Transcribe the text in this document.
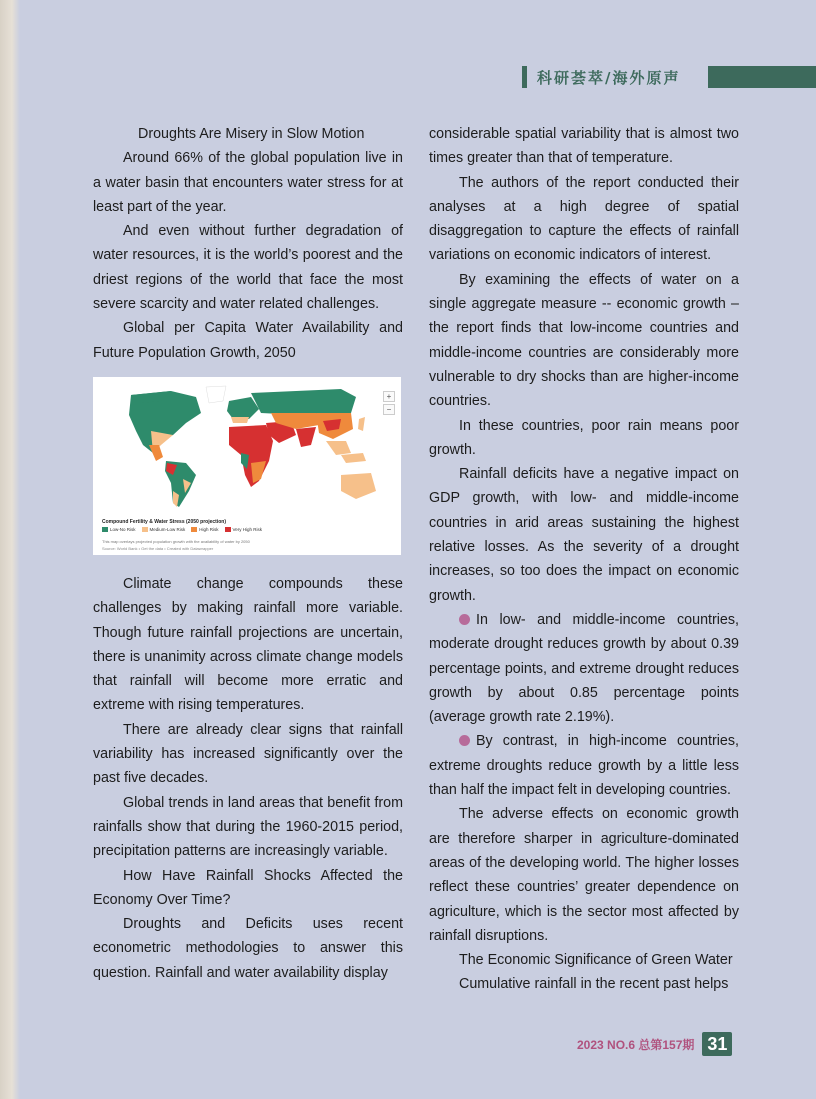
科研荟萃/海外原声

Droughts Are Misery in Slow Motion

Around 66% of the global population live in a water basin that encounters water stress for at least part of the year.

And even without further degradation of water resources, it is the world’s poorest and the driest regions of the world that face the most severe scarcity and water related challenges.

Global per Capita Water Availability and Future Population Growth, 2050

+
−
Compound Fertility & Water Stress (2050 projection)
Low-No Risk	Medium-Low Risk	High Risk	Very High Risk
This map overlays projected population growth with the availability of water by 2050
Source: World Bank • Get the data • Created with Datawrapper

Climate change compounds these challenges by making rainfall more variable. Though future rainfall projections are uncertain, there is unanimity across climate change models that rainfall will become more erratic and extreme with rising temperatures.

There are already clear signs that rainfall variability has increased significantly over the past five decades.

Global trends in land areas that benefit from rainfalls show that during the 1960-2015 period, precipitation patterns are increasingly variable.

How Have Rainfall Shocks Affected the Economy Over Time?

Droughts and Deficits uses recent econometric methodologies to answer this question. Rainfall and water availability display

considerable spatial variability that is almost two times greater than that of temperature.

The authors of the report conducted their analyses at a high degree of spatial disaggregation to capture the effects of rainfall variations on economic indicators of interest.

By examining the effects of water on a single aggregate measure -- economic growth – the report finds that low-income countries and middle-income countries are considerably more vulnerable to dry shocks than are higher-income countries.

In these countries, poor rain means poor growth.

Rainfall deficits have a negative impact on GDP growth, with low- and middle-income countries in arid areas sustaining the highest relative losses. As the severity of a drought increases, so too does the impact on economic growth.

In low- and middle-income countries, moderate drought reduces growth by about 0.39 percentage points, and extreme drought reduces growth by about 0.85 percentage points (average growth rate 2.19%).

By contrast, in high-income countries, extreme droughts reduce growth by a little less than half the impact felt in developing countries.

The adverse effects on economic growth are therefore sharper in agriculture-dominated areas of the developing world. The higher losses reflect these countries’ greater dependence on agriculture, which is the sector most affected by rainfall disruptions.

The Economic Significance of Green Water

Cumulative rainfall in the recent past helps

2023 NO.6 总第157期 31
